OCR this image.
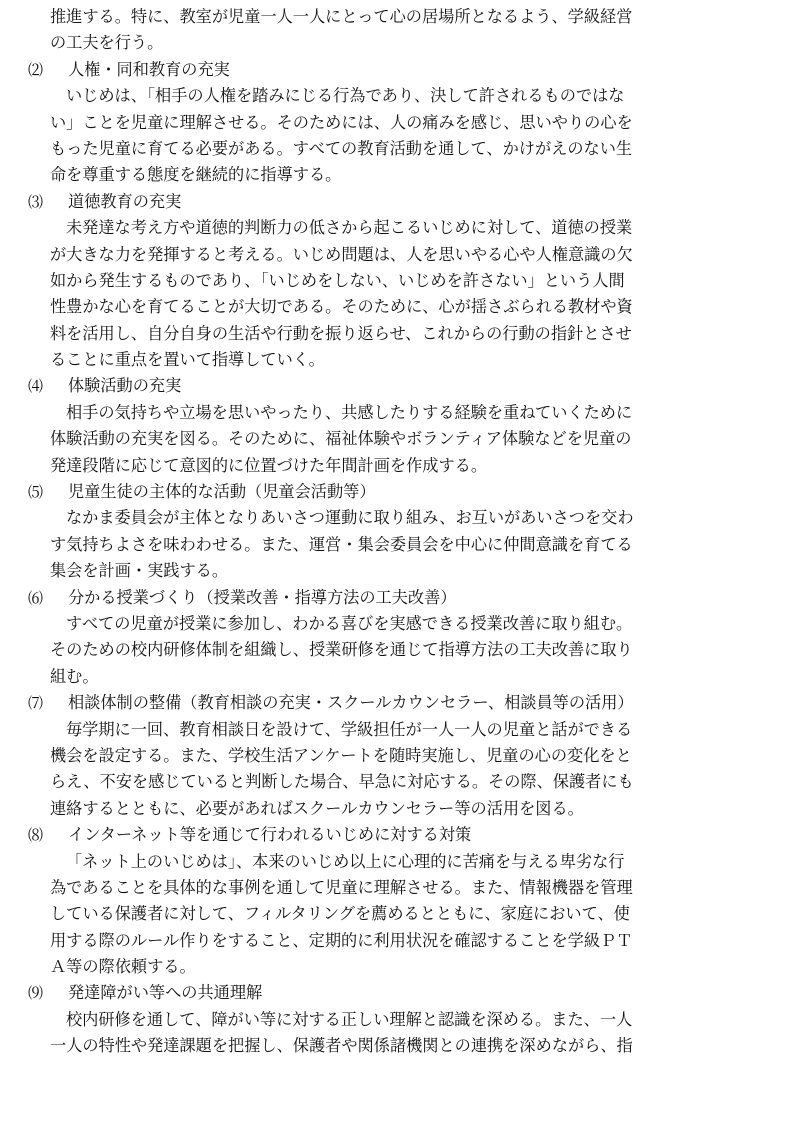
推進する。特に、教室が児童一人一人にとって心の居場所となるよう、学級経営
の工夫を行う。
⑵ 人権・同和教育の充実
いじめは、「相手の人権を踏みにじる行為であり、決して許されるものではな
い」ことを児童に理解させる。そのためには、人の痛みを感じ、思いやりの心を
もった児童に育てる必要がある。すべての教育活動を通して、かけがえのない生
命を尊重する態度を継続的に指導する。
⑶ 道徳教育の充実
未発達な考え方や道徳的判断力の低さから起こるいじめに対して、道徳の授業
が大きな力を発揮すると考える。いじめ問題は、人を思いやる心や人権意識の欠
如から発生するものであり、「いじめをしない、いじめを許さない」という人間
性豊かな心を育てることが大切である。そのために、心が揺さぶられる教材や資
料を活用し、自分自身の生活や行動を振り返らせ、これからの行動の指針とさせ
ることに重点を置いて指導していく。
⑷ 体験活動の充実
相手の気持ちや立場を思いやったり、共感したりする経験を重ねていくために
体験活動の充実を図る。そのために、福祉体験やボランティア体験などを児童の
発達段階に応じて意図的に位置づけた年間計画を作成する。
⑸ 児童生徒の主体的な活動（児童会活動等）
なかま委員会が主体となりあいさつ運動に取り組み、お互いがあいさつを交わ
す気持ちよさを味わわせる。また、運営・集会委員会を中心に仲間意識を育てる
集会を計画・実践する。
⑹ 分かる授業づくり（授業改善・指導方法の工夫改善）
すべての児童が授業に参加し、わかる喜びを実感できる授業改善に取り組む。
そのための校内研修体制を組織し、授業研修を通じて指導方法の工夫改善に取り
組む。
⑺ 相談体制の整備（教育相談の充実・スクールカウンセラー、相談員等の活用）
毎学期に一回、教育相談日を設けて、学級担任が一人一人の児童と話ができる
機会を設定する。また、学校生活アンケートを随時実施し、児童の心の変化をと
らえ、不安を感じていると判断した場合、早急に対応する。その際、保護者にも
連絡するとともに、必要があればスクールカウンセラー等の活用を図る。
⑻ インターネット等を通じて行われるいじめに対する対策
「ネット上のいじめは」、本来のいじめ以上に心理的に苦痛を与える卑劣な行
為であることを具体的な事例を通して児童に理解させる。また、情報機器を管理
している保護者に対して、フィルタリングを薦めるとともに、家庭において、使
用する際のルール作りをすること、定期的に利用状況を確認することを学級ＰＴ
Ａ等の際依頼する。
⑼ 発達障がい等への共通理解
校内研修を通して、障がい等に対する正しい理解と認識を深める。また、一人
一人の特性や発達課題を把握し、保護者や関係諸機関との連携を深めながら、指
